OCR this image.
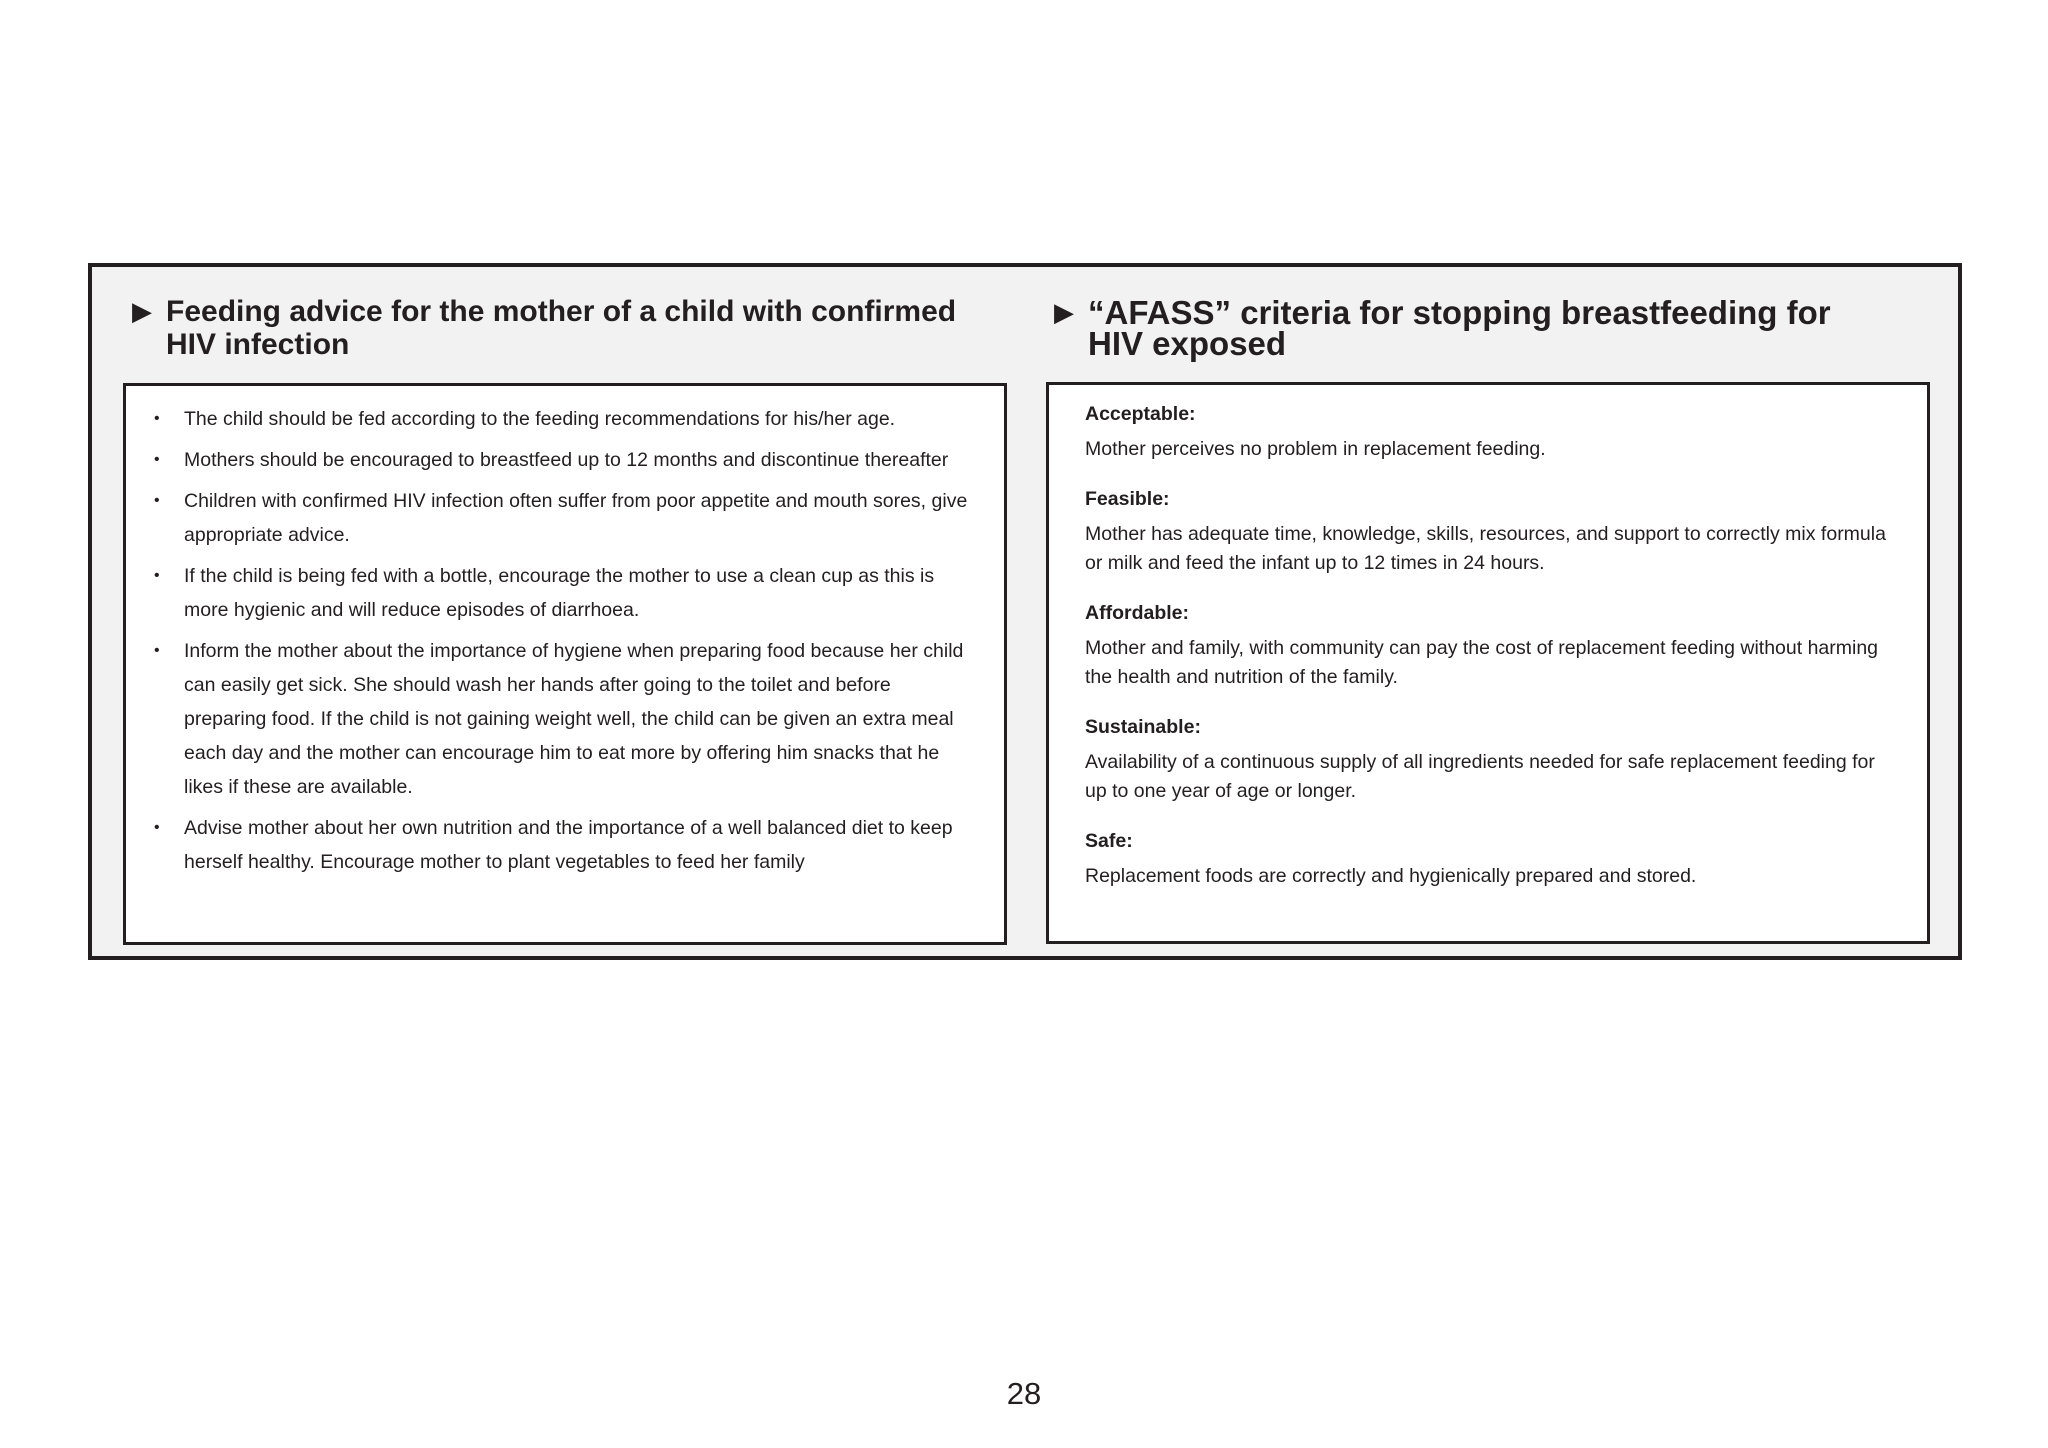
▶ Feeding advice for the mother of a child with confirmed HIV infection
▶ “AFASS” criteria for stopping breastfeeding for HIV exposed
•	The child should be fed according to the feeding recommendations for his/her age.
•	Mothers should be encouraged to breastfeed up to 12 months and discontinue thereafter
•	Children with confirmed HIV infection often suffer from poor appetite and mouth sores, give appropriate advice.
•	If the child is being fed with a bottle, encourage the mother to use a clean cup as this is more hygienic and will reduce episodes of diarrhoea.
•	Inform the mother about the importance of hygiene when preparing food because her child can easily get sick. She should wash her hands after going to the toilet and before preparing food. If the child is not gaining weight well, the child can be given an extra meal each day and the mother can encourage him to eat more by offering him snacks that he likes if these are available.
•	Advise mother about her own nutrition and the importance of a well balanced diet to keep herself healthy. Encourage mother to plant vegetables to feed her family
Acceptable:
Mother perceives no problem in replacement feeding.
Feasible:
Mother has adequate time, knowledge, skills, resources, and support to correctly mix formula or milk and feed the infant up to 12 times in 24 hours.
Affordable:
Mother and family, with community can pay the cost of replacement feeding without harming the health and nutrition of the family.
Sustainable:
Availability of a continuous supply of all ingredients needed for safe replacement feeding for up to one year of age or longer.
Safe:
Replacement foods are correctly and hygienically prepared and stored.
28
